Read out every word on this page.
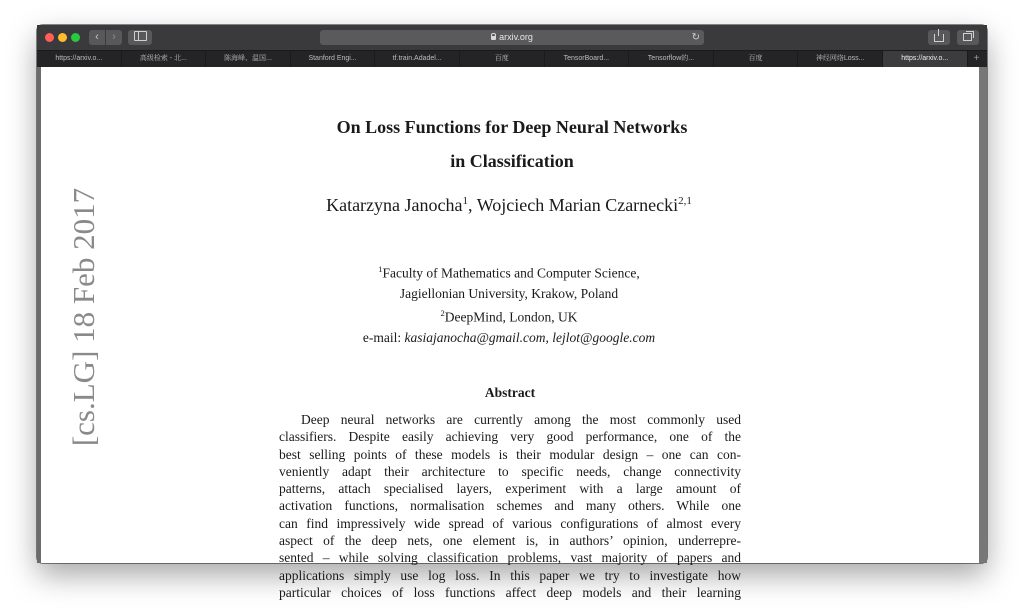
‹	›	arxiv.org	↻
https://arxiv.o...	高级检索 - 北...	陈海峰、温国...	Stanford Engi...	tf.train.Adadel...	百度	TensorBoard...	Tensorflow的...	百度	神经网络Loss...	https://arxiv.o...	+
[cs.LG] 18 Feb 2017
On Loss Functions for Deep Neural Networks
in Classification
Katarzyna Janocha$^1$, Wojciech Marian Czarnecki$^{2,1}$
$^1$Faculty of Mathematics and Computer Science,
Jagiellonian University, Krakow, Poland
$^2$DeepMind, London, UK
e-mail: kasiajanocha@gmail.com, lejlot@google.com
Abstract
Deep neural networks are currently among the most commonly used
classifiers. Despite easily achieving very good performance, one of the
best selling points of these models is their modular design – one can con-
veniently adapt their architecture to specific needs, change connectivity
patterns, attach specialised layers, experiment with a large amount of
activation functions, normalisation schemes and many others. While one
can find impressively wide spread of various configurations of almost every
aspect of the deep nets, one element is, in authors’ opinion, underrepre-
sented – while solving classification problems, vast majority of papers and
applications simply use log loss. In this paper we try to investigate how
particular choices of loss functions affect deep models and their learning
